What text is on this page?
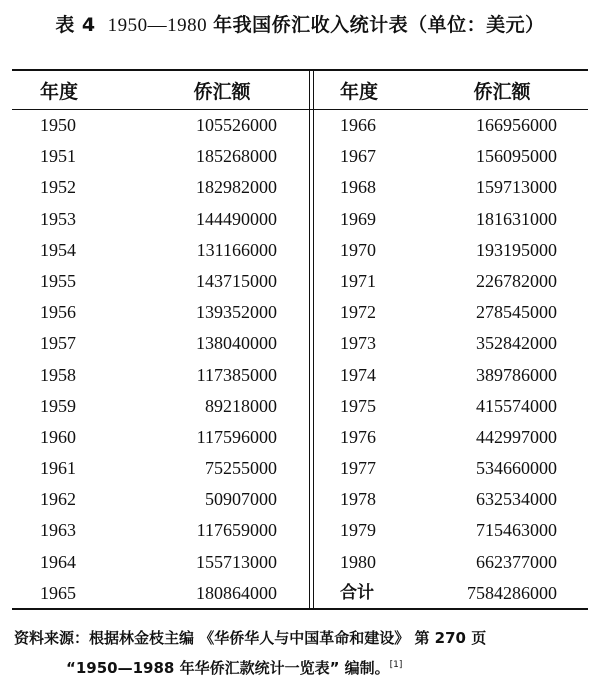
表 4 1950—1980 年我国侨汇收入统计表（单位：美元）
年度	侨汇额	年度	侨汇额
1950	105526000	1966	166956000
1951	185268000	1967	156095000
1952	182982000	1968	159713000
1953	144490000	1969	181631000
1954	131166000	1970	193195000
1955	143715000	1971	226782000
1956	139352000	1972	278545000
1957	138040000	1973	352842000
1958	117385000	1974	389786000
1959	89218000	1975	415574000
1960	117596000	1976	442997000
1961	75255000	1977	534660000
1962	50907000	1978	632534000
1963	117659000	1979	715463000
1964	155713000	1980	662377000
1965	180864000	合计	7584286000
资料来源：根据林金枝主编 《华侨华人与中国革命和建设》 第 270 页
“1950—1988 年华侨汇款统计一览表” 编制。[1]
